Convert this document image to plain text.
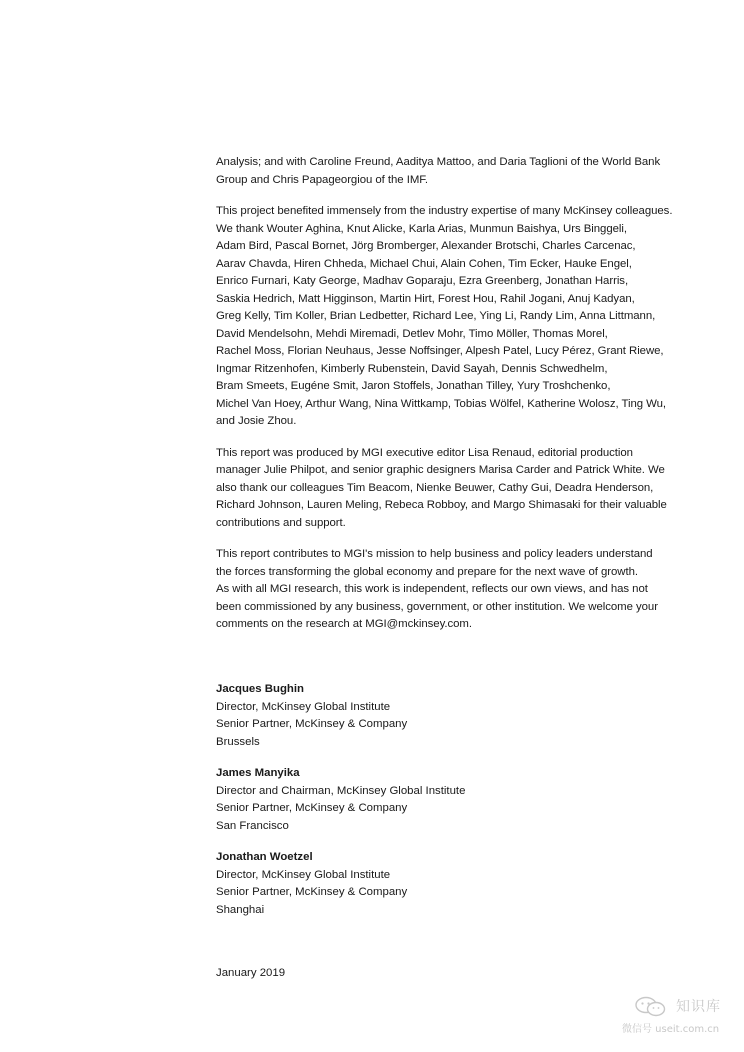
Analysis; and with Caroline Freund, Aaditya Mattoo, and Daria Taglioni of the World Bank
Group and Chris Papageorgiou of the IMF.

This project benefited immensely from the industry expertise of many McKinsey colleagues.
We thank Wouter Aghina, Knut Alicke, Karla Arias, Munmun Baishya, Urs Binggeli,
Adam Bird, Pascal Bornet, Jörg Bromberger, Alexander Brotschi, Charles Carcenac,
Aarav Chavda, Hiren Chheda, Michael Chui, Alain Cohen, Tim Ecker, Hauke Engel,
Enrico Furnari, Katy George, Madhav Goparaju, Ezra Greenberg, Jonathan Harris,
Saskia Hedrich, Matt Higginson, Martin Hirt, Forest Hou, Rahil Jogani, Anuj Kadyan,
Greg Kelly, Tim Koller, Brian Ledbetter, Richard Lee, Ying Li, Randy Lim, Anna Littmann,
David Mendelsohn, Mehdi Miremadi, Detlev Mohr, Timo Möller, Thomas Morel,
Rachel Moss, Florian Neuhaus, Jesse Noffsinger, Alpesh Patel, Lucy Pérez, Grant Riewe,
Ingmar Ritzenhofen, Kimberly Rubenstein, David Sayah, Dennis Schwedhelm,
Bram Smeets, Eugéne Smit, Jaron Stoffels, Jonathan Tilley, Yury Troshchenko,
Michel Van Hoey, Arthur Wang, Nina Wittkamp, Tobias Wölfel, Katherine Wolosz, Ting Wu,
and Josie Zhou.

This report was produced by MGI executive editor Lisa Renaud, editorial production
manager Julie Philpot, and senior graphic designers Marisa Carder and Patrick White. We
also thank our colleagues Tim Beacom, Nienke Beuwer, Cathy Gui, Deadra Henderson,
Richard Johnson, Lauren Meling, Rebeca Robboy, and Margo Shimasaki for their valuable
contributions and support.

This report contributes to MGI's mission to help business and policy leaders understand
the forces transforming the global economy and prepare for the next wave of growth.
As with all MGI research, this work is independent, reflects our own views, and has not
been commissioned by any business, government, or other institution. We welcome your
comments on the research at MGI@mckinsey.com.

Jacques Bughin
Director, McKinsey Global Institute
Senior Partner, McKinsey & Company
Brussels
James Manyika
Director and Chairman, McKinsey Global Institute
Senior Partner, McKinsey & Company
San Francisco
Jonathan Woetzel
Director, McKinsey Global Institute
Senior Partner, McKinsey & Company
Shanghai
January 2019
知识库
微信号 useit.com.cn
